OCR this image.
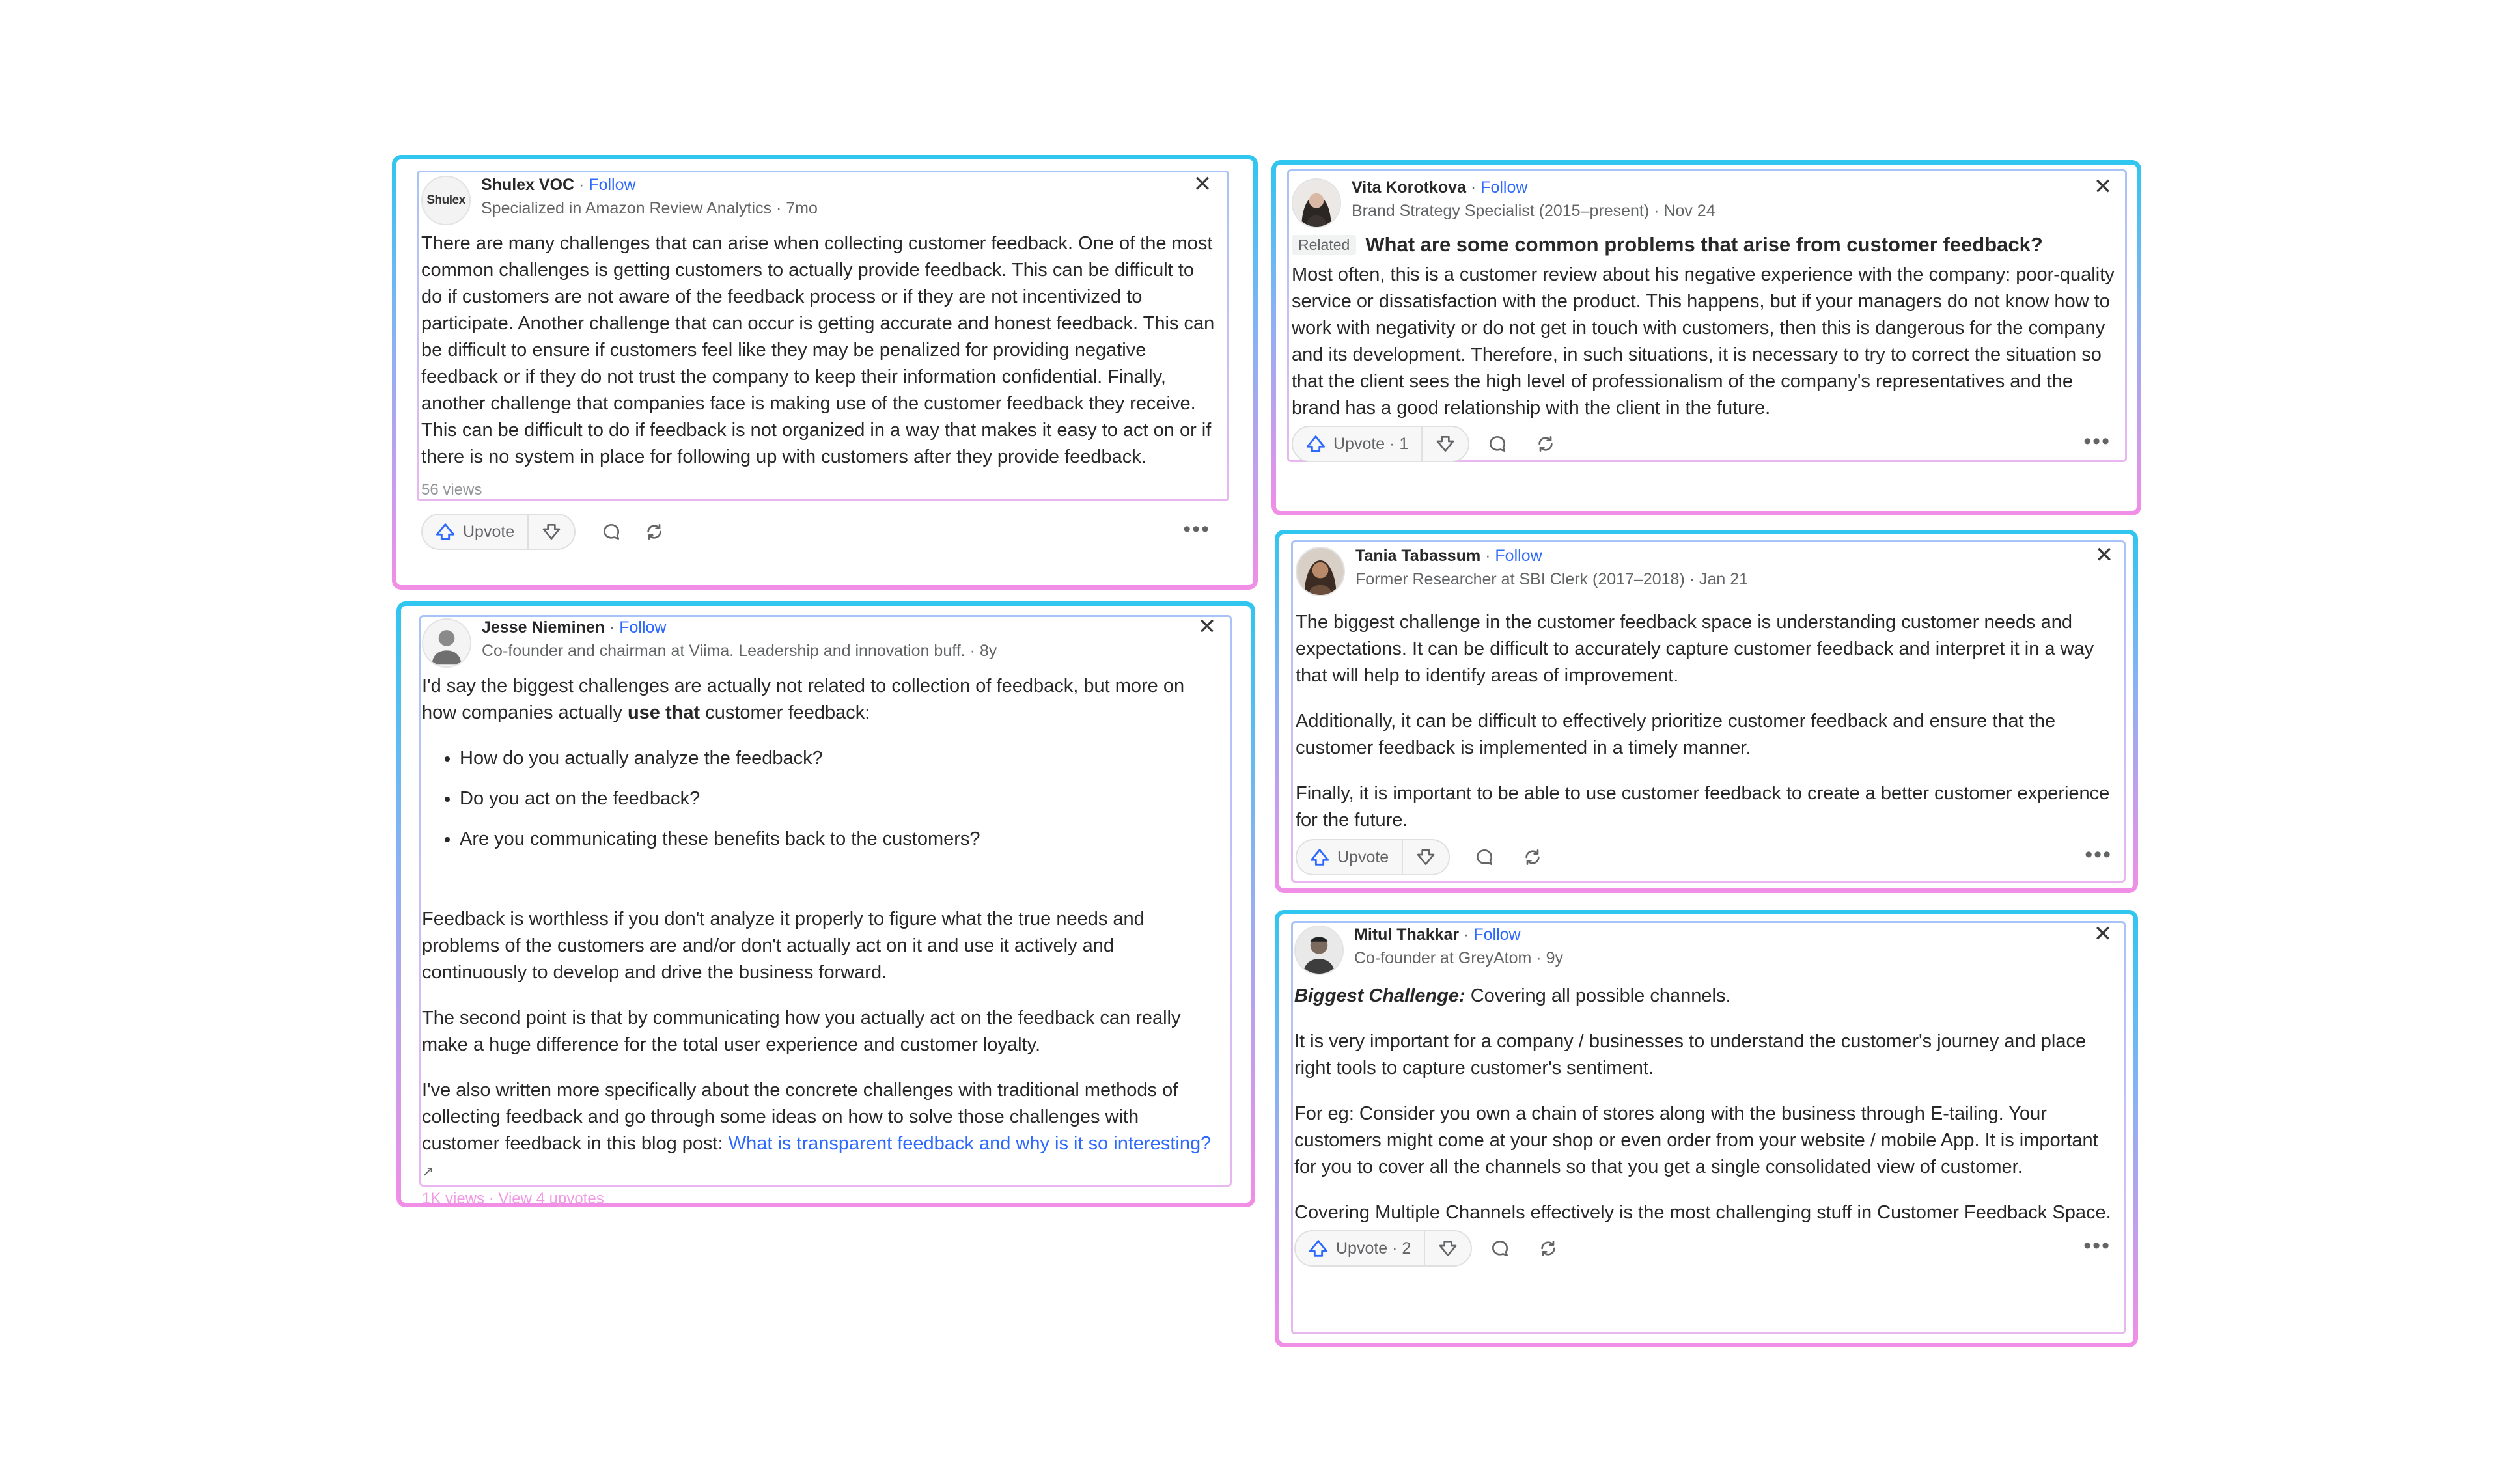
Shulex
Shulex VOC · Follow
Specialized in Amazon Review Analytics · 7mo
✕

There are many challenges that can arise when collecting customer feedback. One of the most common challenges is getting customers to actually provide feedback. This can be difficult to do if customers are not aware of the feedback process or if they are not incentivized to participate. Another challenge that can occur is getting accurate and honest feedback. This can be difficult to ensure if customers feel like they may be penalized for providing negative feedback or if they do not trust the company to keep their information confidential. Finally, another challenge that companies face is making use of the customer feedback they receive. This can be difficult to do if feedback is not organized in a way that makes it easy to act on or if there is no system in place for following up with customers after they provide feedback.

56 views
Upvote	•••
Jesse Nieminen · Follow
Co-founder and chairman at Viima. Leadership and innovation buff. · 8y
✕

I'd say the biggest challenges are actually not related to collection of feedback, but more on how companies actually use that customer feedback:

• How do you actually analyze the feedback?
• Do you act on the feedback?
• Are you communicating these benefits back to the customers?

Feedback is worthless if you don't analyze it properly to figure what the true needs and problems of the customers are and/or don't actually act on it and use it actively and continuously to develop and drive the business forward.

The second point is that by communicating how you actually act on the feedback can really make a huge difference for the total user experience and customer loyalty.

I've also written more specifically about the concrete challenges with traditional methods of collecting feedback and go through some ideas on how to solve those challenges with customer feedback in this blog post: What is transparent feedback and why is it so interesting? ↗

1K views · View 4 upvotes
Vita Korotkova · Follow
Brand Strategy Specialist (2015–present) · Nov 24
✕
Related What are some common problems that arise from customer feedback?

Most often, this is a customer review about his negative experience with the company: poor-quality service or dissatisfaction with the product. This happens, but if your managers do not know how to work with negativity or do not get in touch with customers, then this is dangerous for the company and its development. Therefore, in such situations, it is necessary to try to correct the situation so that the client sees the high level of professionalism of the company's representatives and the brand has a good relationship with the client in the future.

Upvote · 1	•••
Tania Tabassum · Follow
Former Researcher at SBI Clerk (2017–2018) · Jan 21
✕

The biggest challenge in the customer feedback space is understanding customer needs and expectations. It can be difficult to accurately capture customer feedback and interpret it in a way that will help to identify areas of improvement.

Additionally, it can be difficult to effectively prioritize customer feedback and ensure that the customer feedback is implemented in a timely manner.

Finally, it is important to be able to use customer feedback to create a better customer experience for the future.

Upvote	•••
Mitul Thakkar · Follow
Co-founder at GreyAtom · 9y
✕

Biggest Challenge: Covering all possible channels.

It is very important for a company / businesses to understand the customer's journey and place right tools to capture customer's sentiment.

For eg: Consider you own a chain of stores along with the business through E-tailing. Your customers might come at your shop or even order from your website / mobile App. It is important for you to cover all the channels so that you get a single consolidated view of customer.

Covering Multiple Channels effectively is the most challenging stuff in Customer Feedback Space.

Upvote · 2	•••
